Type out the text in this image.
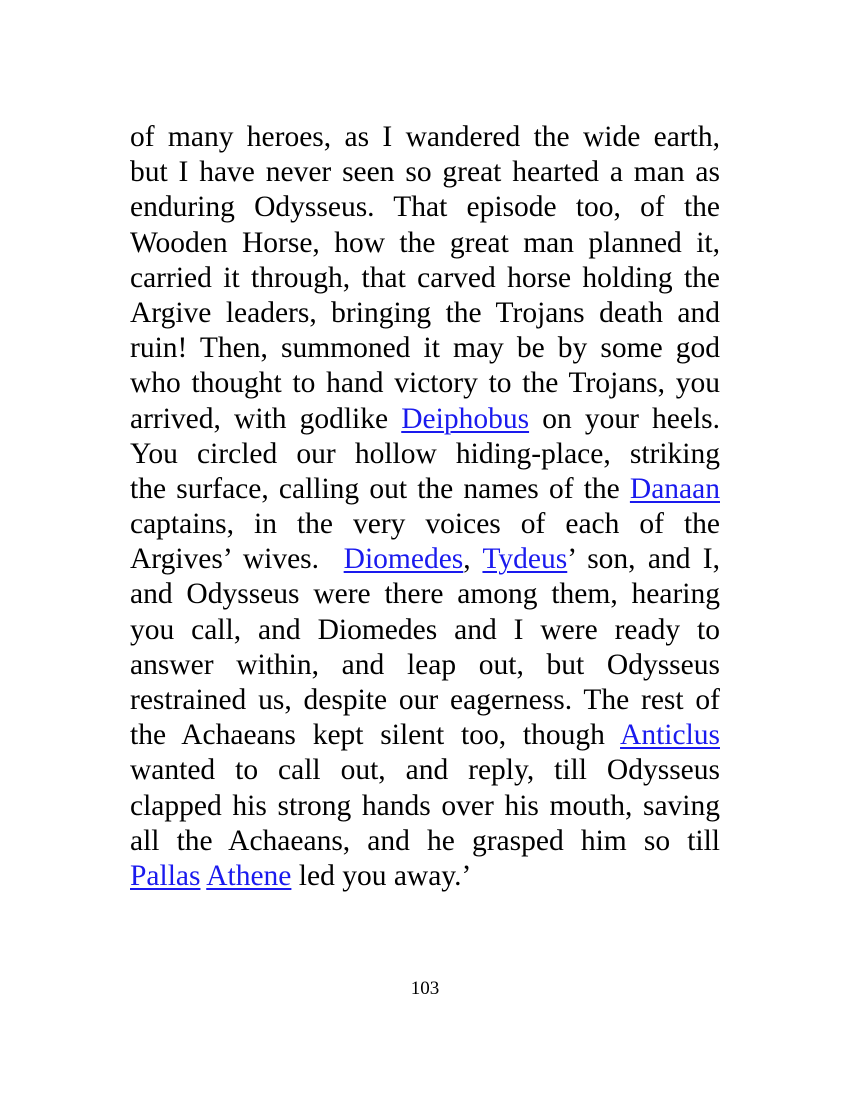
of many heroes, as I wandered the wide earth,
but I have never seen so great hearted a man as
enduring Odysseus. That episode too, of the
Wooden Horse, how the great man planned it,
carried it through, that carved horse holding the
Argive leaders, bringing the Trojans death and
ruin! Then, summoned it may be by some god
who thought to hand victory to the Trojans, you
arrived, with godlike Deiphobus on your heels.
You circled our hollow hiding-place, striking
the surface, calling out the names of the Danaan
captains, in the very voices of each of the
Argives’ wives.  Diomedes, Tydeus’ son, and I,
and Odysseus were there among them, hearing
you call, and Diomedes and I were ready to
answer within, and leap out, but Odysseus
restrained us, despite our eagerness. The rest of
the Achaeans kept silent too, though Anticlus
wanted to call out, and reply, till Odysseus
clapped his strong hands over his mouth, saving
all the Achaeans, and he grasped him so till
Pallas Athene led you away.’
103
